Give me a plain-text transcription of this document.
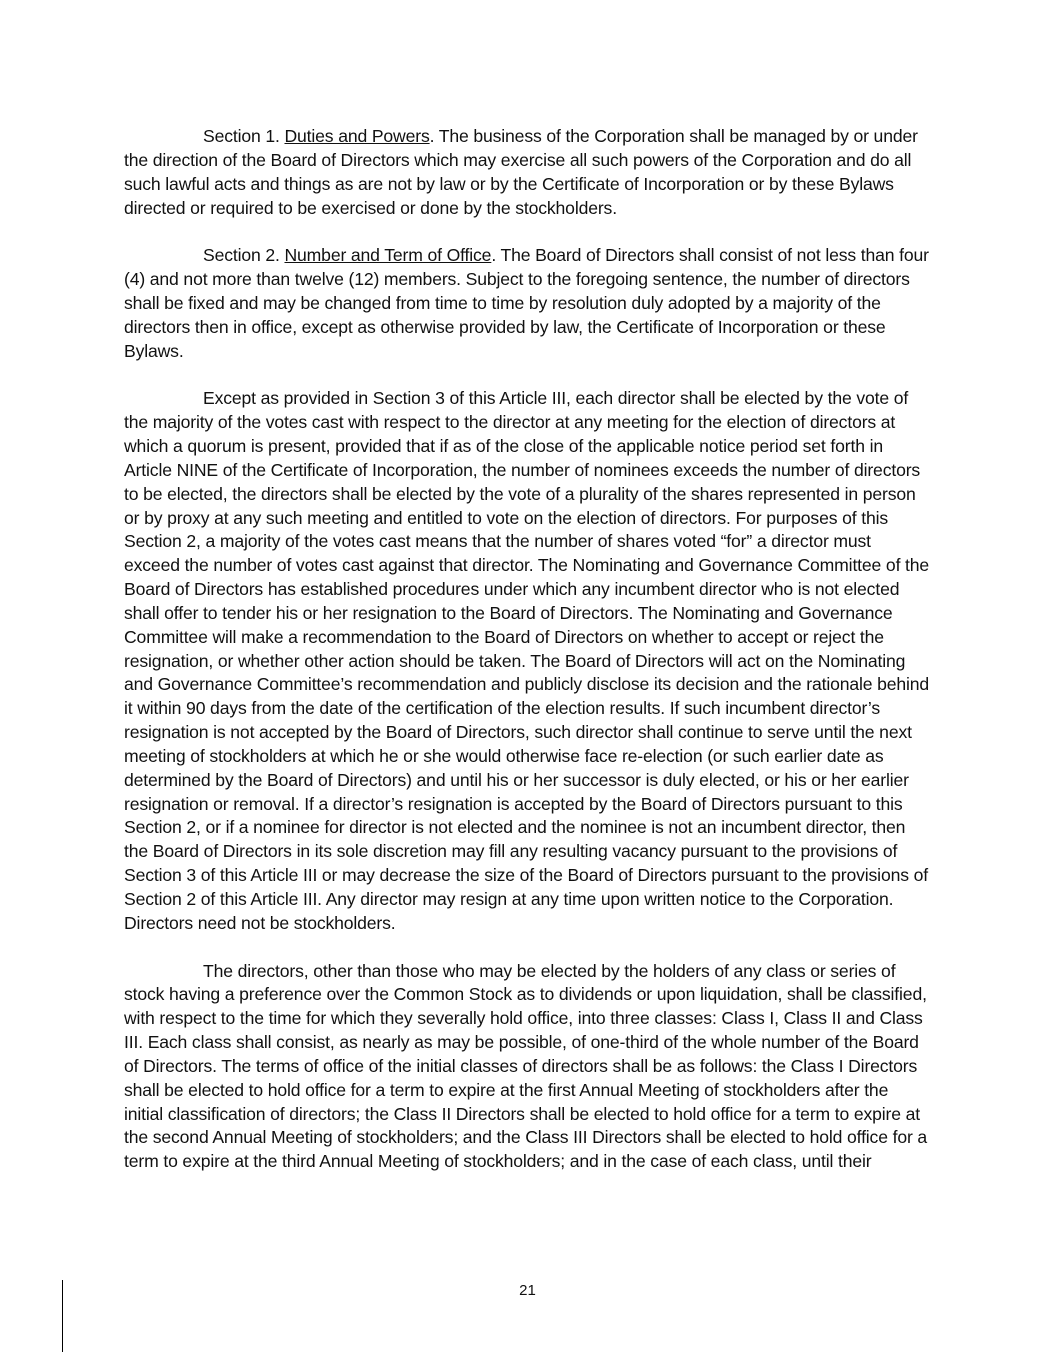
Section 1. Duties and Powers. The business of the Corporation shall be managed by or under the direction of the Board of Directors which may exercise all such powers of the Corporation and do all such lawful acts and things as are not by law or by the Certificate of Incorporation or by these Bylaws directed or required to be exercised or done by the stockholders.

Section 2. Number and Term of Office. The Board of Directors shall consist of not less than four (4) and not more than twelve (12) members. Subject to the foregoing sentence, the number of directors shall be fixed and may be changed from time to time by resolution duly adopted by a majority of the directors then in office, except as otherwise provided by law, the Certificate of Incorporation or these Bylaws.

Except as provided in Section 3 of this Article III, each director shall be elected by the vote of the majority of the votes cast with respect to the director at any meeting for the election of directors at which a quorum is present, provided that if as of the close of the applicable notice period set forth in Article NINE of the Certificate of Incorporation, the number of nominees exceeds the number of directors to be elected, the directors shall be elected by the vote of a plurality of the shares represented in person or by proxy at any such meeting and entitled to vote on the election of directors. For purposes of this Section 2, a majority of the votes cast means that the number of shares voted “for” a director must exceed the number of votes cast against that director. The Nominating and Governance Committee of the Board of Directors has established procedures under which any incumbent director who is not elected shall offer to tender his or her resignation to the Board of Directors. The Nominating and Governance Committee will make a recommendation to the Board of Directors on whether to accept or reject the resignation, or whether other action should be taken. The Board of Directors will act on the Nominating and Governance Committee’s recommendation and publicly disclose its decision and the rationale behind it within 90 days from the date of the certification of the election results. If such incumbent director’s resignation is not accepted by the Board of Directors, such director shall continue to serve until the next meeting of stockholders at which he or she would otherwise face re-election (or such earlier date as determined by the Board of Directors) and until his or her successor is duly elected, or his or her earlier resignation or removal. If a director’s resignation is accepted by the Board of Directors pursuant to this Section 2, or if a nominee for director is not elected and the nominee is not an incumbent director, then the Board of Directors in its sole discretion may fill any resulting vacancy pursuant to the provisions of Section 3 of this Article III or may decrease the size of the Board of Directors pursuant to the provisions of Section 2 of this Article III. Any director may resign at any time upon written notice to the Corporation. Directors need not be stockholders.

The directors, other than those who may be elected by the holders of any class or series of stock having a preference over the Common Stock as to dividends or upon liquidation, shall be classified, with respect to the time for which they severally hold office, into three classes: Class I, Class II and Class III. Each class shall consist, as nearly as may be possible, of one-third of the whole number of the Board of Directors. The terms of office of the initial classes of directors shall be as follows: the Class I Directors shall be elected to hold office for a term to expire at the first Annual Meeting of stockholders after the initial classification of directors; the Class II Directors shall be elected to hold office for a term to expire at the second Annual Meeting of stockholders; and the Class III Directors shall be elected to hold office for a term to expire at the third Annual Meeting of stockholders; and in the case of each class, until their

21
